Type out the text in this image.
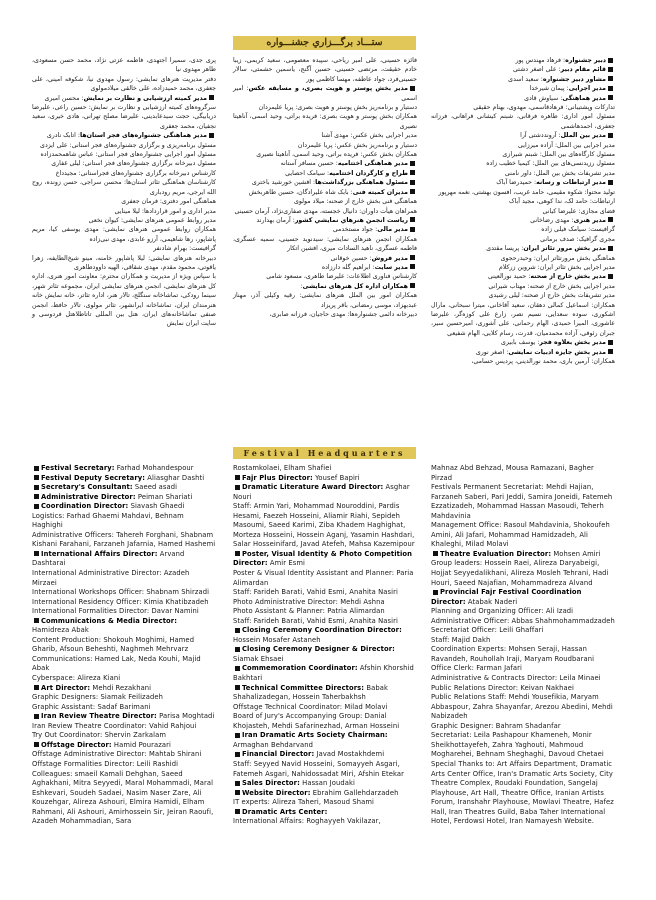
ستـــاد برگـــزاري جشنـــواره

دبیر جشنواره: فرهاد مهندس پور

قائم مقام دبیر: علی اصغر دشتی

مشاور دبیر جشنواره: سعید اسدی

مدیر اجرایی: پیمان شیرخدا

مدیر هماهنگی: سیاوش قادی

تدارکات وپشتیبانی: فرهادقاسمی، مهدوی، بهنام حقیقی

مسئول امور اداری: طاهره فرقانی، شبنم کیشانی فراهانی، فرزانه جعفری، احمدهاشمی

مدیر بین الملل: آرونددشتی آرا

مدیر اجرایی بین الملل: آزاده میرزایی

مسئول کارگاه‌های بین الملل: شبنم شیرازی

مسئول رزیدنسی‌های بین الملل: کیمیا خطیب زاده

مدیر تشریفات بخش بین الملل: داور نامنی

مدیر ارتباطات و رسانه: حمیدرضا آباک

تولید محتوا: شکوه مقیمی، حامد غریب، افسون بهشتی، نغمه مهرپور

ارتباطات: حامد لک، ندا کوهی، مجید آباک

فضای مجازی: علیرضا کیانی

مدیر هنری: مهدی رضاخانی

گرافیست: سیامک فیلی زاده

مجری گرافیک: صدف برمانی

مدیر بخش مرور تئاتر ایران: پریسا مقتدی

هماهنگی بخش مرورتئاتر ایران: وحیدرحجوی

مدیر اجرایی بخش تئاتر ایران: شروین زرکلام

مدیر بخش خارج از صحنه: حمید نورالعینی

مدیر اجرایی بخش خارج از صحنه: مهتاب شیرانی

مدیر تشریفات بخش خارج از صحنه: لیلی رشیدی

همکاران: اسماعیل کمالی دهقان، سعید آقاخانی، میترا سبحانی، مارال اشکوری، سوده سعدایی، نسیم نصر، زارع علی کوزه‌گر، علیرضا عاشوری، المیرا حمیدی، الهام رحمانی، علی آشوری، امیرحسین سیر، جبران رئوفی، آزاده محمدمیان، قدرت، رسام کلایی، الهام شفیعی

مدیر بخش بعلاوه فجر: یوسف بابیری

مدیر بخش جایزه ادبیات نمایشی: اصغر نوری

همکاران: آرمین باری، محمد نورالدینی، پردیس حسامی،

فائزه حسینی، علی امیر ریاحی، سپیده معصومی، سعید کریمی، زیبا خادم حقیقت، مرتضی حسینی، حسین آگنج، یاسمین حشمتی، سالار حسینی‌فرد، جواد عاطفه، مهسا کاظمی پور

مدیر بخش پوستر و هویت بصری، و مسابقه عکس: امیر اسمی

دستیار و برنامه‌ریز بخش پوستر و هویت بصری: پریا علیمردان

همکاران بخش پوستر و هویت بصری: فریده براتی، وحید اسمی، آناهیتا نصیری

مدیر اجرایی بخش عکس: مهدی آشنا

دستیار و برنامه‌ریز بخش عکس: پریا علیمردان

همکاران بخش عکس: فریده براتی، وحید اسمی، آناهیتا نصیری

مدیر هماهنگی اختتامیه: حسین مسافر آستانه

طراح و کارگردان اختتامیه: سیامک احصایی

مسئول هماهنگی بزرگداشت‌ها: افشین خورشید باختری

مدیران کمیته فنی: بابک شاه علیرادگان، حسین طاهربخش

هماهنگی فنی بخش خارج از صحنه: میلاد مولوی

همراهان هیأت داوران: دانیال خجسته، مهدی صفاری‌نژاد، آرمان حسینی

رياست انجمن هنرهاي نمايشي كشور: آرمان بهدارند

مدیر مالی: جواد مستخدمی

همکاران انجمن هنرهای نمایشی: سیدنوید حسینی، سمیه عسگری، فاطمه عسگری، ناهید السادات میری، افشین اتکار

مدیر فروش: حسین خوقانی

مدیر سایت: ابراهیم گله دارزاده

کارشناس فناوری اطلاعات: علیرضا طاهری، مسعود شامی

همکاران اداره کل هنرهای نمایشی:

همکاران امور بین الملل هنرهای نمایشی: رقیه وکیلی آذر، مهناز عبدبهزاد، موسی رمضانی، باقر پریزاد

دبیرخانه دائمی جشنواره‌ها: مهدی حاجیان، فرزانه صابری،

پری جدی، سمیرا اجتهدی، فاطمه عزتی نژاد، محمد حسن مسعودی، طاهر مهدوی نیا

دفتر مدیریت هنرهای نمایشی: رسول مهدوی نیا، شکوفه امینی، علی جعفری، محمد حمیدزاده، علی خالقی میلادمولوی

مدیر کمیته ارزشیابی و نظارت بر نمایش: محسن امیری

سرگروه‌های کمیته ارزشیابی و نظارت بر نمایش: حسین راعی، علیرضا دریابیگی، حجت سیدعابدینی، علیرضا مصلح تهرانی، هادی خیری، سعید نجفیان، محمد جعفری

مدیر هماهنگی جشنواره‌های فجر استان‌ها: اتابک نادری

مسئول برنامه‌ریزی و برگزاری جشنواره‌های فجر استانی: علی ایزدی

مسئول امور اجرایی جشنواره‌های فجر استانی: عباس شاهمحمدزاده

مسئول دبیرخانه برگزاری جشنواره‌های فجر استانی: لیلی غفاری

کارشناس دبیرخانه برگزاری جشنواره‌های فجراستانی: مجیدداخ

کارشناسان هماهنگی تئاتر استان‌ها: محسن سراجی، حسن زونده، روح الله ایرجی، مریم رودباری

هماهنگی امور دفتری: فرمان جعفری

مدیر اداری و امور قراردادها: لیلا مینایی

مدیر روابط عمومی هنرهای نمایشی: کیوان نخعی

همکاران روابط عمومی هنرهای نمایشی: مهدی یوسفی کیا، مریم پاشاپور، رها شاهیمی، آرزو عابدی، مهدی نبی‌زاده

گرافیست: بهرام شادنفر

دبیرخانه هنرهای نمایشی: لیلا پاشاپور خامنه، مینو شیخ‌الطایفه، زهرا یاقوتی، محمود مقدم، مهدی شقاقی، الهیه داوودطاهری

با سپاس ویژه از مدیریت و همکاران محترم: معاونت امور هنری، اداره کل هنرهای نمایشی، انجمن هنرهای نمایشی ایران، مجموعه تئاتر شهر، سینما رودکی، تماشاخانه سنگلج، تالار هنر، اداره تئاتر، خانه نمایش خانه هنرمندان ایران، تماشاخانه ایرانشهر، تئاتر مولوی، تالار حافظ، انجمن صنفی تماشاخانه‌های ایران، هتل بین المللی تاتاطلاهتل فردوسی و سایت ایران نمایش

Festival Headquarters

Festival Secretary: Farhad Mohandespour

Festival Deputy Secretary: Aliasghar Dashti

Secretary's Consultant: Saeed asadi

Administrative Director: Peiman Shariati

Coordination Director: Siavash Ghaedi

Logistics: Farhad Ghaemi Mahdavi, Behnam Haghighi

Administrative Officers: Tahereh Forghani, Shabnam Kishani Farahani, Farzaneh Jafarnia, Hamed Hashemi

International Affairs Director: Arvand Dashtarai

International Administrative Director: Azadeh Mirzaei

International Workshops Officer: Shabnam Shirzadi

International Residency Officer: Kimia Khatibzadeh

International Formalities Director: Davar Namini

Communications & Media Director: Hamidreza Abak

Content Production: Shokouh Moghimi, Hamed Gharib, Afsoun Beheshti, Naghmeh Mehrvarz

Communications: Hamed Lak, Neda Kouhi, Majid Abak

Cyberspace: Alireza Kiani

Art Director: Mehdi Rezakhani

Graphic Designers: Siamak Feilizadeh

Graphic Assistant: Sadaf Barimani

Iran Review Theatre Director: Parisa Moghtadi

Iran Review Theatre Coordinator: Vahid Rahjoui

Try Out Coordinator: Shervin Zarkalam

Offstage Director: Hamid Pourazari

Offstage Administrative Director: Mahtab Shirani

Offstage Formalities Director: Leili Rashidi

Colleagues: smaeil Kamali Dehghan, Saeed Aghakhani, Mitra Seyyedi, Maral Mohammadi, Maral Eshkevari, Soudeh Sadaei, Nasim Naser Zare, Ali Kouzehgar, Alireza Ashouri, Elmira Hamidi, Elham Rahmani, Ali Ashouri, Amirhossein Sir, Jeiran Raoufi, Azadeh Mohammadian, Sara

Rostamkolaei, Elham Shafiei

Fajr Plus Director: Yousef Bapiri

Dramatic Literature Award Director: Asghar Nouri

Staff: Armin Yari, Mohammad Nouroddini, Pardis Hesami, Faezeh Hosseini, Aliamir Riahi, Sepideh Masoumi, Saeed Karimi, Ziba Khadem Haghighat, Morteza Hosseini, Hossein Aganj, Yasamin Hashdari, Salar Hosseinifard, Javad Atefeh, Mahsa Kazemipour

Poster, Visual Identity & Photo Competition Director: Amir Esmi

Poster & Visual Identity Assistant and Planner: Paria Alimardan

Staff: Farideh Barati, Vahid Esmi, Anahita Nasiri

Photo Administrative Director: Mehdi Ashna

Photo Assistant & Planner: Patria Alimardan

Staff: Farideh Barati, Vahid Esmi, Anahita Nasiri

Closing Ceremony Coordination Director: Hossein Mosafer Astaneh

Closing Ceremony Designer & Director: Siamak Ehsaei

Commemoration Coordinator: Afshin Khorshid Bakhtari

Technical Committee Directors: Babak Shahalizadegan, Hossein Taherbakhsh

Offstage Technical Coordinator: Milad Molavi

Board of Jury's Accompanying Group: Danial Khojasteh, Mehdi Safarinezhad, Arman Hosseini

Iran Dramatic Arts Society Chairman: Armaghan Behdarvand

Financial Director: Javad Mostakhdemi

Staff: Seyyed Navid Hosseini, Somayyeh Asgari, Fatemeh Asgari, Nahidossadat Miri, Afshin Etekar

Sales Director: Hassan Joudaki

Website Director: Ebrahim Gallehdarzadeh

IT experts: Alireza Taheri, Masoud Shami

Dramatic Arts Center:

International Affairs: Roghayyeh Vakilazar,

Mahnaz Abd Behzad, Mousa Ramazani, Bagher Pirzad

Festivals Permanent Secretariat: Mehdi Hajian, Farzaneh Saberi, Pari Jeddi, Samira Joneidi, Fatemeh Ezzatizadeh, Mohammad Hassan Masoudi, Teherh Mahdavinia

Management Office: Rasoul Mahdavinia, Shokoufeh Amini, Ali Jafari, Mohammad Hamidzadeh, Ali Khaleghi, Milad Molavi

Theatre Evaluation Director: Mohsen Amiri

Group leaders: Hossein Raei, Alireza Daryabeigi, Hojjat Seyyedalikhani, Alireza Mosleh Tehrani, Hadi Houri, Saeed Najafian, Mohammadreza Alvand

Provincial Fajr Festival Coordination Director: Atabak Naderi

Planning and Organizing Officer: Ali Izadi

Administrative Officer: Abbas Shahmohammadzadeh

Secretariat Officer: Leili Ghaffari

Staff: Majid Dakh

Coordination Experts: Mohsen Seraji, Hassan Ravandeh, Rouhollah Iraji, Maryam Roudbarani

Office Clerk: Farman Jafari

Administrative & Contracts Director: Leila Minaei

Public Relations Director: Keivan Nakhaei

Public Relations Staff: Mehdi Yousefikia, Maryam Abbaspour, Zahra Shayanfar, Arezou Abedini, Mehdi Nabizadeh

Graphic Designer: Bahram Shadanfar

Secretariat: Leila Pashapour Khameneh, Monir Sheikhottayefeh, Zahra Yaghouti, Mahmoud Mogharehei, Behnam Sheghaghi, Davoud Chetaei

Special Thanks to: Art Affairs Department, Dramatic Arts Center Office, Iran's Dramatic Arts Society, City Theatre Complex, Roudaki Foundation, Sangelaj Playhouse, Art Hall, Theatre Office, Iranian Artists Forum, Iranshahr Playhouse, Mowlavi Theatre, Hafez Hall, Iran Theatres Guild, Baba Taher International Hotel, Ferdowsi Hotel, Iran Namayesh Website.
